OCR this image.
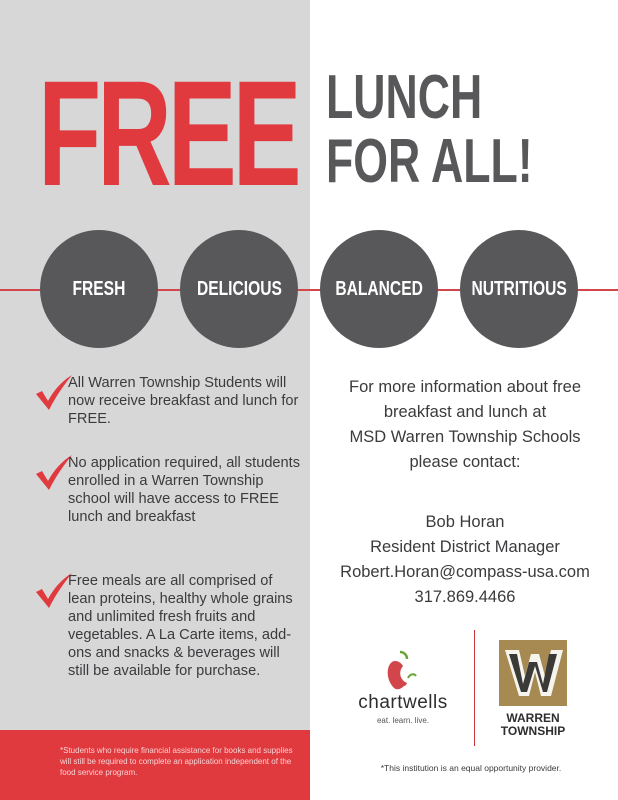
FREE LUNCH
FOR ALL!
FRESH	DELICIOUS	BALANCED NUTRITIOUS
All Warren Township Students will now receive breakfast and lunch for FREE.
No application required, all students enrolled in a Warren Township school will have access to FREE lunch and breakfast
Free meals are all comprised of lean proteins, healthy whole grains and unlimited fresh fruits and vegetables. A La Carte items, add-ons and snacks & beverages will still be available for purchase.
*Students who require financial assistance for books and supplies will still be required to complete an application independent of the food service program.
For more information about free
breakfast and lunch at
MSD Warren Township Schools
please contact:
Bob Horan
Resident District Manager
Robert.Horan@compass-usa.com
317.869.4466
chartwells
eat. learn. live.	WARREN
TOWNSHIP
*This institution is an equal opportunity provider.
